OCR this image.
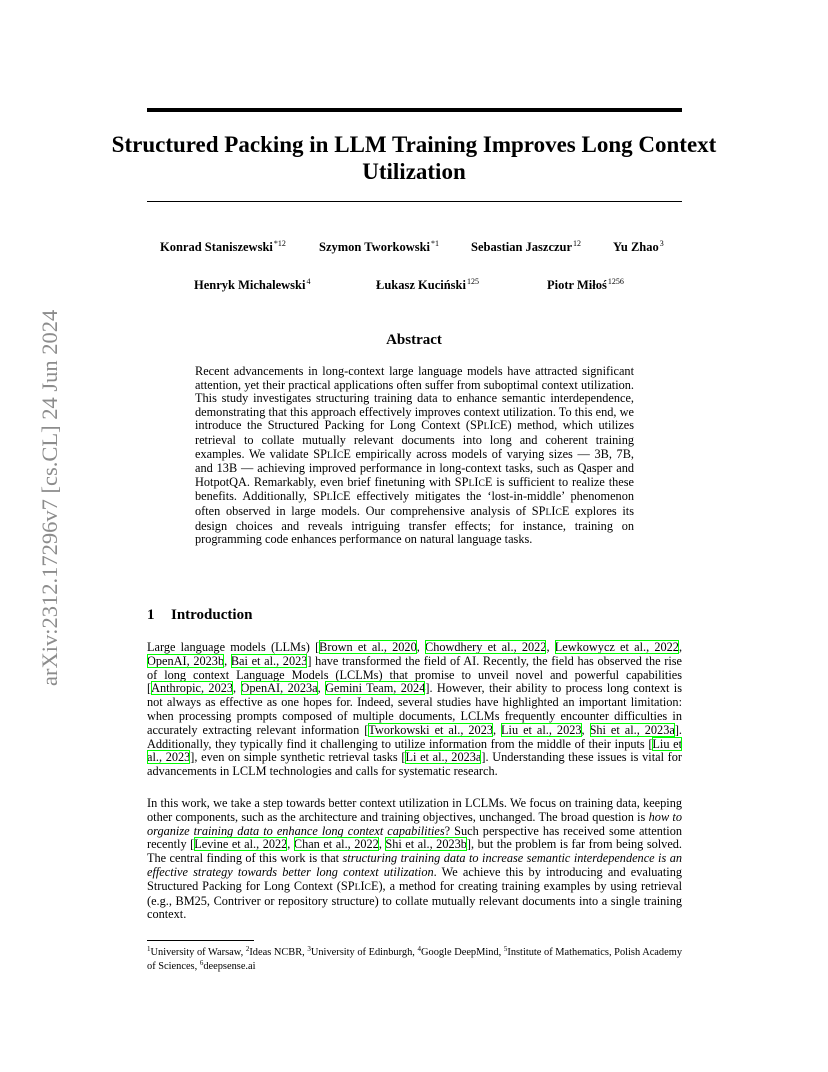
arXiv:2312.17296v7 [cs.CL] 24 Jun 2024
Structured Packing in LLM Training Improves Long Context Utilization
Konrad Staniszewski$^{*12}$	Szymon Tworkowski$^{*1}$	Sebastian Jaszczur$^{12}$	Yu Zhao$^3$
Henryk Michalewski$^4$	Łukasz Kuciński$^{125}$	Piotr Miłoś$^{1256}$
Abstract
Recent advancements in long-context large language models have attracted significant attention, yet their practical applications often suffer from suboptimal context utilization. This study investigates structuring training data to enhance semantic interdependence, demonstrating that this approach effectively improves context utilization. To this end, we introduce the Structured Packing for Long Context (SPLICE) method, which utilizes retrieval to collate mutually relevant documents into long and coherent training examples. We validate SPLICE empirically across models of varying sizes — 3B, 7B, and 13B — achieving improved performance in long-context tasks, such as Qasper and HotpotQA. Remarkably, even brief finetuning with SPLICE is sufficient to realize these benefits. Additionally, SPLICE effectively mitigates the ‘lost-in-middle’ phenomenon often observed in large models. Our comprehensive analysis of SPLICE explores its design choices and reveals intriguing transfer effects; for instance, training on programming code enhances performance on natural language tasks.
1 Introduction
Large language models (LLMs) [Brown et al., 2020, Chowdhery et al., 2022, Lewkowycz et al., 2022, OpenAI, 2023b, Bai et al., 2023] have transformed the field of AI. Recently, the field has observed the rise of long context Language Models (LCLMs) that promise to unveil novel and powerful capabilities [Anthropic, 2023, OpenAI, 2023a, Gemini Team, 2024]. However, their ability to process long context is not always as effective as one hopes for. Indeed, several studies have highlighted an important limitation: when processing prompts composed of multiple documents, LCLMs frequently encounter difficulties in accurately extracting relevant information [Tworkowski et al., 2023, Liu et al., 2023, Shi et al., 2023a]. Additionally, they typically find it challenging to utilize information from the middle of their inputs [Liu et al., 2023], even on simple synthetic retrieval tasks [Li et al., 2023a]. Understanding these issues is vital for advancements in LCLM technologies and calls for systematic research.
In this work, we take a step towards better context utilization in LCLMs. We focus on training data, keeping other components, such as the architecture and training objectives, unchanged. The broad question is how to organize training data to enhance long context capabilities? Such perspective has received some attention recently [Levine et al., 2022, Chan et al., 2022, Shi et al., 2023b], but the problem is far from being solved. The central finding of this work is that structuring training data to increase semantic interdependence is an effective strategy towards better long context utilization. We achieve this by introducing and evaluating Structured Packing for Long Context (SPLICE), a method for creating training examples by using retrieval (e.g., BM25, Contriver or repository structure) to collate mutually relevant documents into a single training context.
$^1$University of Warsaw, $^2$Ideas NCBR, $^3$University of Edinburgh, $^4$Google DeepMind, $^5$Institute of Mathematics, Polish Academy of Sciences, $^6$deepsense.ai
